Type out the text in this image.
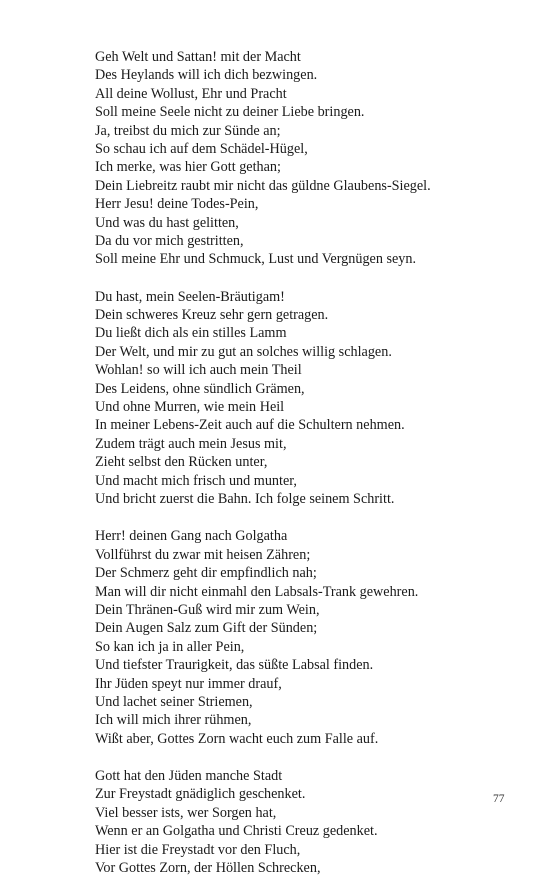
Geh Welt und Sattan! mit der Macht
Des Heylands will ich dich bezwingen.
All deine Wollust, Ehr und Pracht
Soll meine Seele nicht zu deiner Liebe bringen.
Ja, treibst du mich zur Sünde an;
So schau ich auf dem Schädel-Hügel,
Ich merke, was hier Gott gethan;
Dein Liebreitz raubt mir nicht das güldne Glaubens-Siegel.
Herr Jesu! deine Todes-Pein,
Und was du hast gelitten,
Da du vor mich gestritten,
Soll meine Ehr und Schmuck, Lust und Vergnügen seyn.
Du hast, mein Seelen-Bräutigam!
Dein schweres Kreuz sehr gern getragen.
Du ließt dich als ein stilles Lamm
Der Welt, und mir zu gut an solches willig schlagen.
Wohlan! so will ich auch mein Theil
Des Leidens, ohne sündlich Grämen,
Und ohne Murren, wie mein Heil
In meiner Lebens-Zeit auch auf die Schultern nehmen.
Zudem trägt auch mein Jesus mit,
Zieht selbst den Rücken unter,
Und macht mich frisch und munter,
Und bricht zuerst die Bahn. Ich folge seinem Schritt.
Herr! deinen Gang nach Golgatha
Vollführst du zwar mit heisen Zähren;
Der Schmerz geht dir empfindlich nah;
Man will dir nicht einmahl den Labsals-Trank gewehren.
Dein Thränen-Guß wird mir zum Wein,
Dein Augen Salz zum Gift der Sünden;
So kan ich ja in aller Pein,
Und tiefster Traurigkeit, das süßte Labsal finden.
Ihr Jüden speyt nur immer drauf,
Und lachet seiner Striemen,
Ich will mich ihrer rühmen,
Wißt aber, Gottes Zorn wacht euch zum Falle auf.
Gott hat den Jüden manche Stadt
Zur Freystadt gnädiglich geschenket.
Viel besser ists, wer Sorgen hat,
Wenn er an Golgatha und Christi Creuz gedenket.
Hier ist die Freystadt vor den Fluch,
Vor Gottes Zorn, der Höllen Schrecken,
77
